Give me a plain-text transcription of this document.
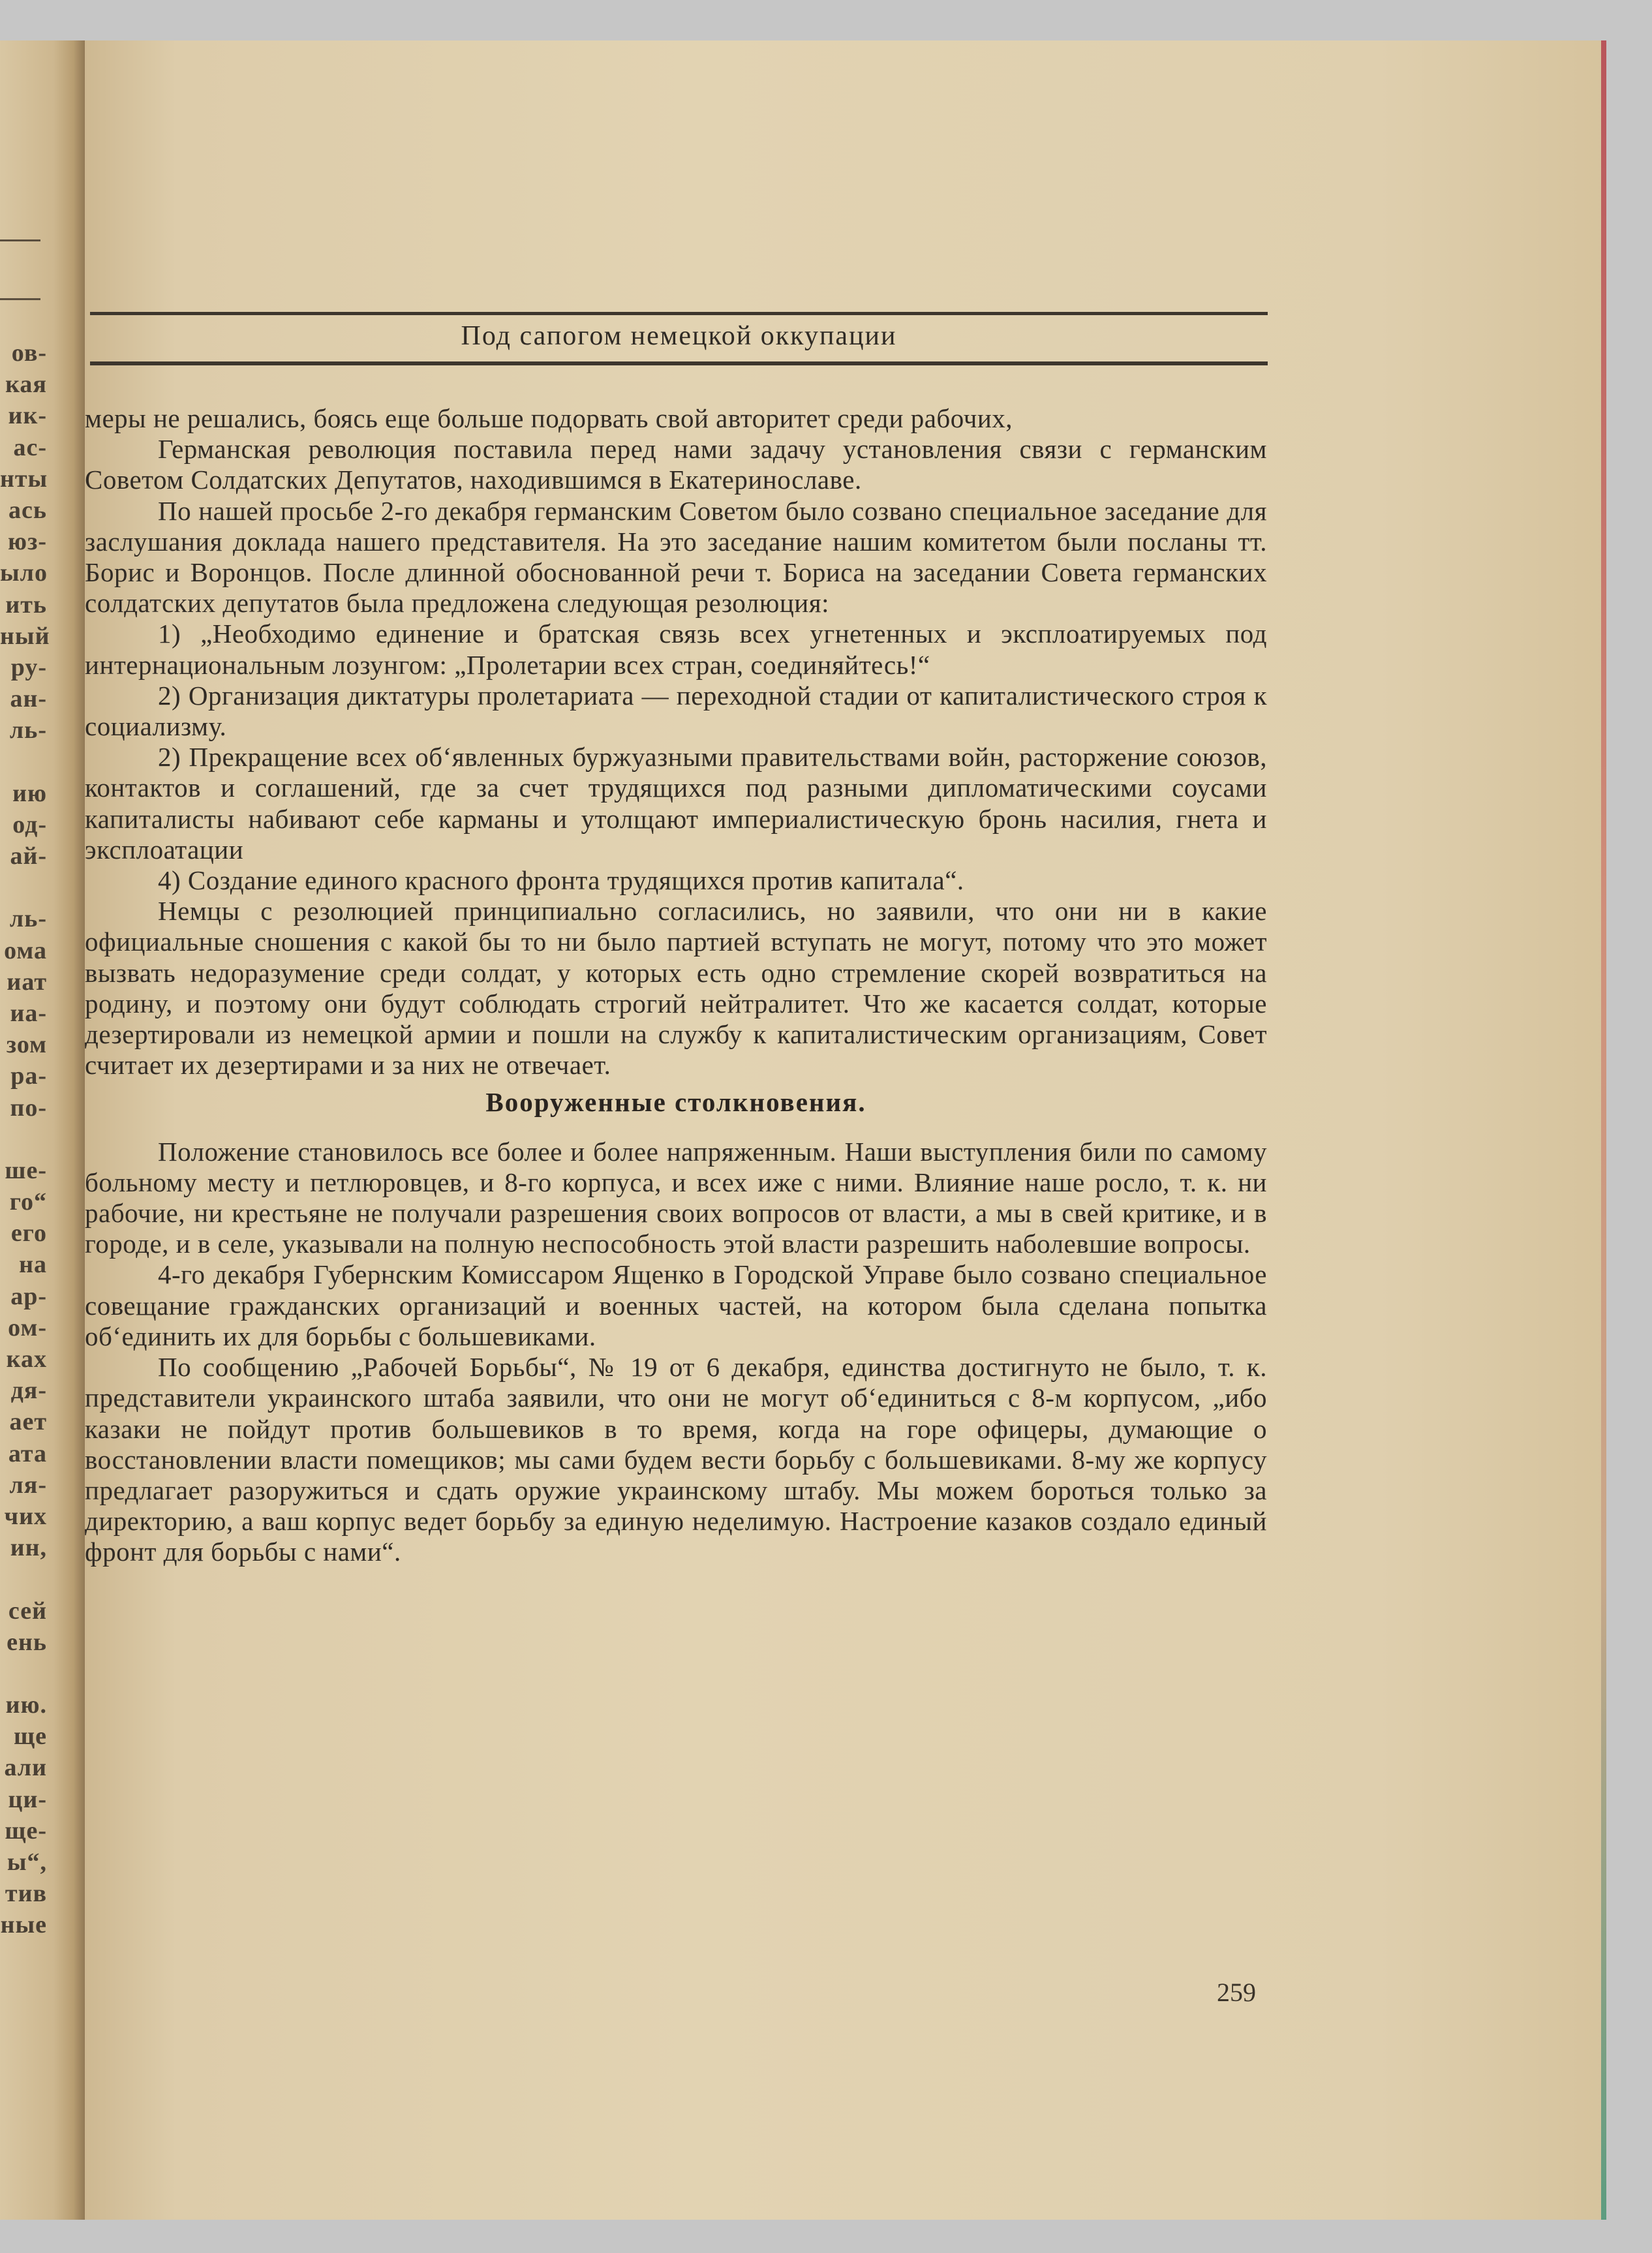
ов-
кая
ик-
ас-
нты
ась
юз-
ыло
ить
ный
ру-
ан-
ль-
ию
од-
ай-
ль-
ома
иат
иа-
зом
ра-
по-
ше-
го“
его
на
ар-
ом-
ках
дя-
ает
ата
ля-
чих
ин,
сей
ень
ию.
ще
али
ци-
ще-
ы“,
тив
ные
Под сапогом немецкой оккупации

меры не решались, боясь еще больше подорвать свой авторитет среди рабочих,

Германская революция поставила перед нами задачу установления связи с германским Советом Солдатских Депутатов, находившимся в Екатеринославе.

По нашей просьбе 2-го декабря германским Советом было созвано специальное заседание для заслушания доклада нашего представителя. На это заседание нашим комитетом были посланы тт. Борис и Воронцов. После длинной обоснованной речи т. Бориса на заседании Совета германских солдатских депутатов была предложена следующая резолюция:

1) „Необходимо единение и братская связь всех угнетенных и эксплоатируемых под интернациональным лозунгом: „Пролетарии всех стран, соединяйтесь!“

2) Организация диктатуры пролетариата — переходной стадии от капиталистического строя к социализму.

2) Прекращение всех об‘явленных буржуазными правительствами войн, расторжение союзов, контактов и соглашений, где за счет трудящихся под разными дипломатическими соусами капиталисты набивают себе карманы и утолщают империалистическую бронь насилия, гнета и эксплоатации

4) Создание единого красного фронта трудящихся против капитала“.

Немцы с резолюцией принципиально согласились, но заявили, что они ни в какие официальные сношения с какой бы то ни было партией вступать не могут, потому что это может вызвать недоразумение среди солдат, у которых есть одно стремление скорей возвратиться на родину, и поэтому они будут соблюдать строгий нейтралитет. Что же касается солдат, которые дезертировали из немецкой армии и пошли на службу к капиталистическим организациям, Совет считает их дезертирами и за них не отвечает.

Вооруженные столкновения.

Положение становилось все более и более напряженным. Наши выступления били по самому больному месту и петлюровцев, и 8-го корпуса, и всех иже с ними. Влияние наше росло, т. к. ни рабочие, ни крестьяне не получали разрешения своих вопросов от власти, а мы в свей критике, и в городе, и в селе, указывали на полную неспособность этой власти разрешить наболевшие вопросы.

4-го декабря Губернским Комиссаром Ященко в Городской Управе было созвано специальное совещание гражданских организаций и военных частей, на котором была сделана попытка об‘единить их для борьбы с большевиками.

По сообщению „Рабочей Борьбы“, № 19 от 6 декабря, единства достигнуто не было, т. к. представители украинского штаба заявили, что они не могут об‘единиться с 8-м корпусом, „ибо казаки не пойдут против большевиков в то время, когда на горе офицеры, думающие о восстановлении власти помещиков; мы сами будем вести борьбу с большевиками. 8-му же корпусу предлагает разоружиться и сдать оружие украинскому штабу. Мы можем бороться только за директорию, а ваш корпус ведет борьбу за единую неделимую. Настроение казаков создало единый фронт для борьбы с нами“.

259
